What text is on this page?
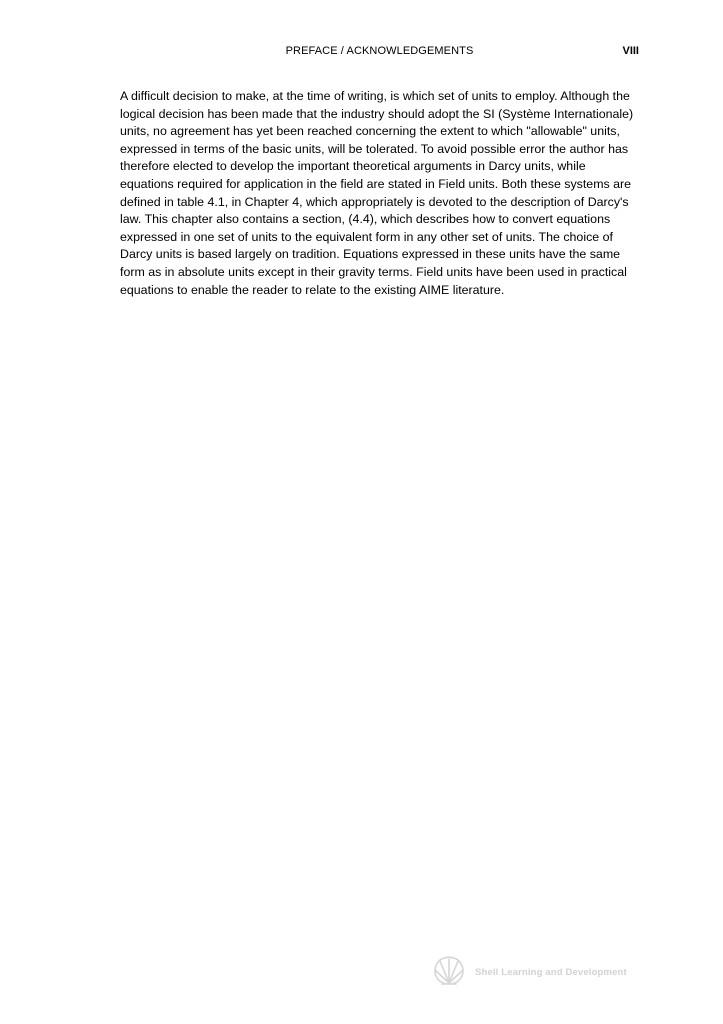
PREFACE / ACKNOWLEDGEMENTS	VIII

A difficult decision to make, at the time of writing, is which set of units to employ. Although the logical decision has been made that the industry should adopt the SI (Système Internationale) units, no agreement has yet been reached concerning the extent to which "allowable" units, expressed in terms of the basic units, will be tolerated. To avoid possible error the author has therefore elected to develop the important theoretical arguments in Darcy units, while equations required for application in the field are stated in Field units. Both these systems are defined in table 4.1, in Chapter 4, which appropriately is devoted to the description of Darcy's law. This chapter also contains a section, (4.4), which describes how to convert equations expressed in one set of units to the equivalent form in any other set of units. The choice of Darcy units is based largely on tradition. Equations expressed in these units have the same form as in absolute units except in their gravity terms. Field units have been used in practical equations to enable the reader to relate to the existing AIME literature.

Shell Learning and Development
